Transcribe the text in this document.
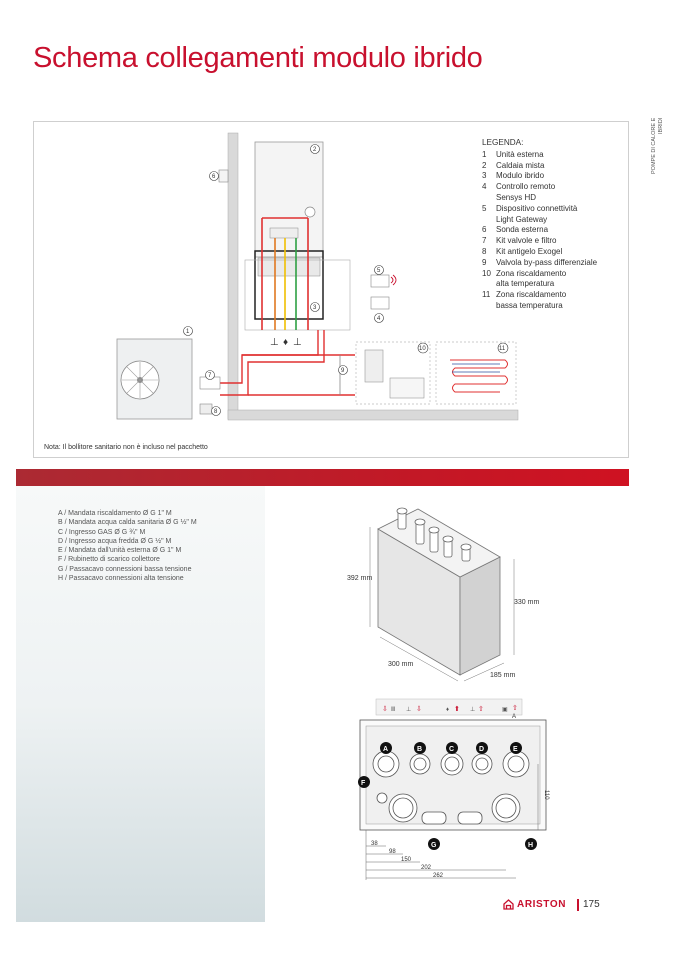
Schema collegamenti modulo ibrido
POMPE DI CALORE E IBRIDI
⊥ ♦ ⊥
2
3
6
1
5
4
7
8
9
10	11
LEGENDA:
1	Unità esterna
2	Caldaia mista
3	Modulo ibrido
4	Controllo remoto
Sensys HD
5	Dispositivo connettività
Light Gateway
6	Sonda esterna
7	Kit valvole e filtro
8	Kit antigelo Exogel
9	Valvola by-pass differenziale
10 Zona riscaldamento
alta temperatura
11 Zona riscaldamento
bassa temperatura
Nota: Il bollitore sanitario non è incluso nel pacchetto
A / Mandata riscaldamento Ø G 1" M
B / Mandata acqua calda sanitaria Ø G ½" M
C / Ingresso GAS Ø G ¾" M
D / Ingresso acqua fredda Ø G ½" M
E / Mandata dall'unità esterna Ø G 1" M
F / Rubinetto di scarico collettore
G / Passacavo connessioni bassa tensione
H / Passacavo connessioni alta tensione	392 mm
330 mm
300 mm
185 mm
⇩	⇩	⬆	⇧	⇧
Ⅲ ⊥	♦	⊥	▣
A
A	B	C	D	E
F
G	H
110
38
98
150
202
262
ARISTON 175
